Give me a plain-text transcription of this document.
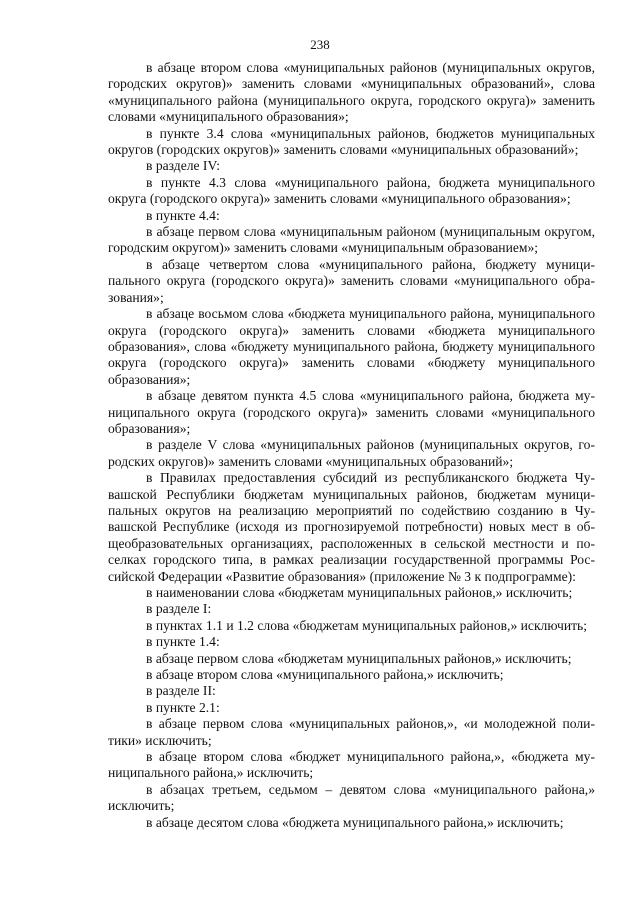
238

в абзаце втором слова «муниципальных районов (муниципальных округов, городских округов)» заменить словами «муниципальных образований», слова «муниципального района (муниципального округа, городского округа)» заменить словами «муниципального образования»;

в пункте 3.4 слова «муниципальных районов, бюджетов муниципальных округов (городских округов)» заменить словами «муниципальных образований»;

в разделе IV:

в пункте 4.3 слова «муниципального района, бюджета муниципального округа (городского округа)» заменить словами «муниципального образования»;

в пункте 4.4:

в абзаце первом слова «муниципальным районом (муниципальным округом, городским округом)» заменить словами «муниципальным образованием»;

в абзаце четвертом слова «муниципального района, бюджету муниципального округа (городского округа)» заменить словами «муниципального образования»;

в абзаце восьмом слова «бюджета муниципального района, муниципального округа (городского округа)» заменить словами «бюджета муниципального образования», слова «бюджету муниципального района, бюджету муниципального округа (городского округа)» заменить словами «бюджету муниципального образования»;

в абзаце девятом пункта 4.5 слова «муниципального района, бюджета муниципального округа (городского округа)» заменить словами «муниципального образования»;

в разделе V слова «муниципальных районов (муниципальных округов, городских округов)» заменить словами «муниципальных образований»;

в Правилах предоставления субсидий из республиканского бюджета Чувашской Республики бюджетам муниципальных районов, бюджетам муниципальных округов на реализацию мероприятий по содействию созданию в Чувашской Республике (исходя из прогнозируемой потребности) новых мест в общеобразовательных организациях, расположенных в сельской местности и поселках городского типа, в рамках реализации государственной программы Российской Федерации «Развитие образования» (приложение № 3 к подпрограмме):

в наименовании слова «бюджетам муниципальных районов,» исключить;

в разделе I:

в пунктах 1.1 и 1.2 слова «бюджетам муниципальных районов,» исключить;

в пункте 1.4:

в абзаце первом слова «бюджетам муниципальных районов,» исключить;

в абзаце втором слова «муниципального района,» исключить;

в разделе II:

в пункте 2.1:

в абзаце первом слова «муниципальных районов,», «и молодежной политики» исключить;

в абзаце втором слова «бюджет муниципального района,», «бюджета муниципального района,» исключить;

в абзацах третьем, седьмом – девятом слова «муниципального района,» исключить;

в абзаце десятом слова «бюджета муниципального района,» исключить;
